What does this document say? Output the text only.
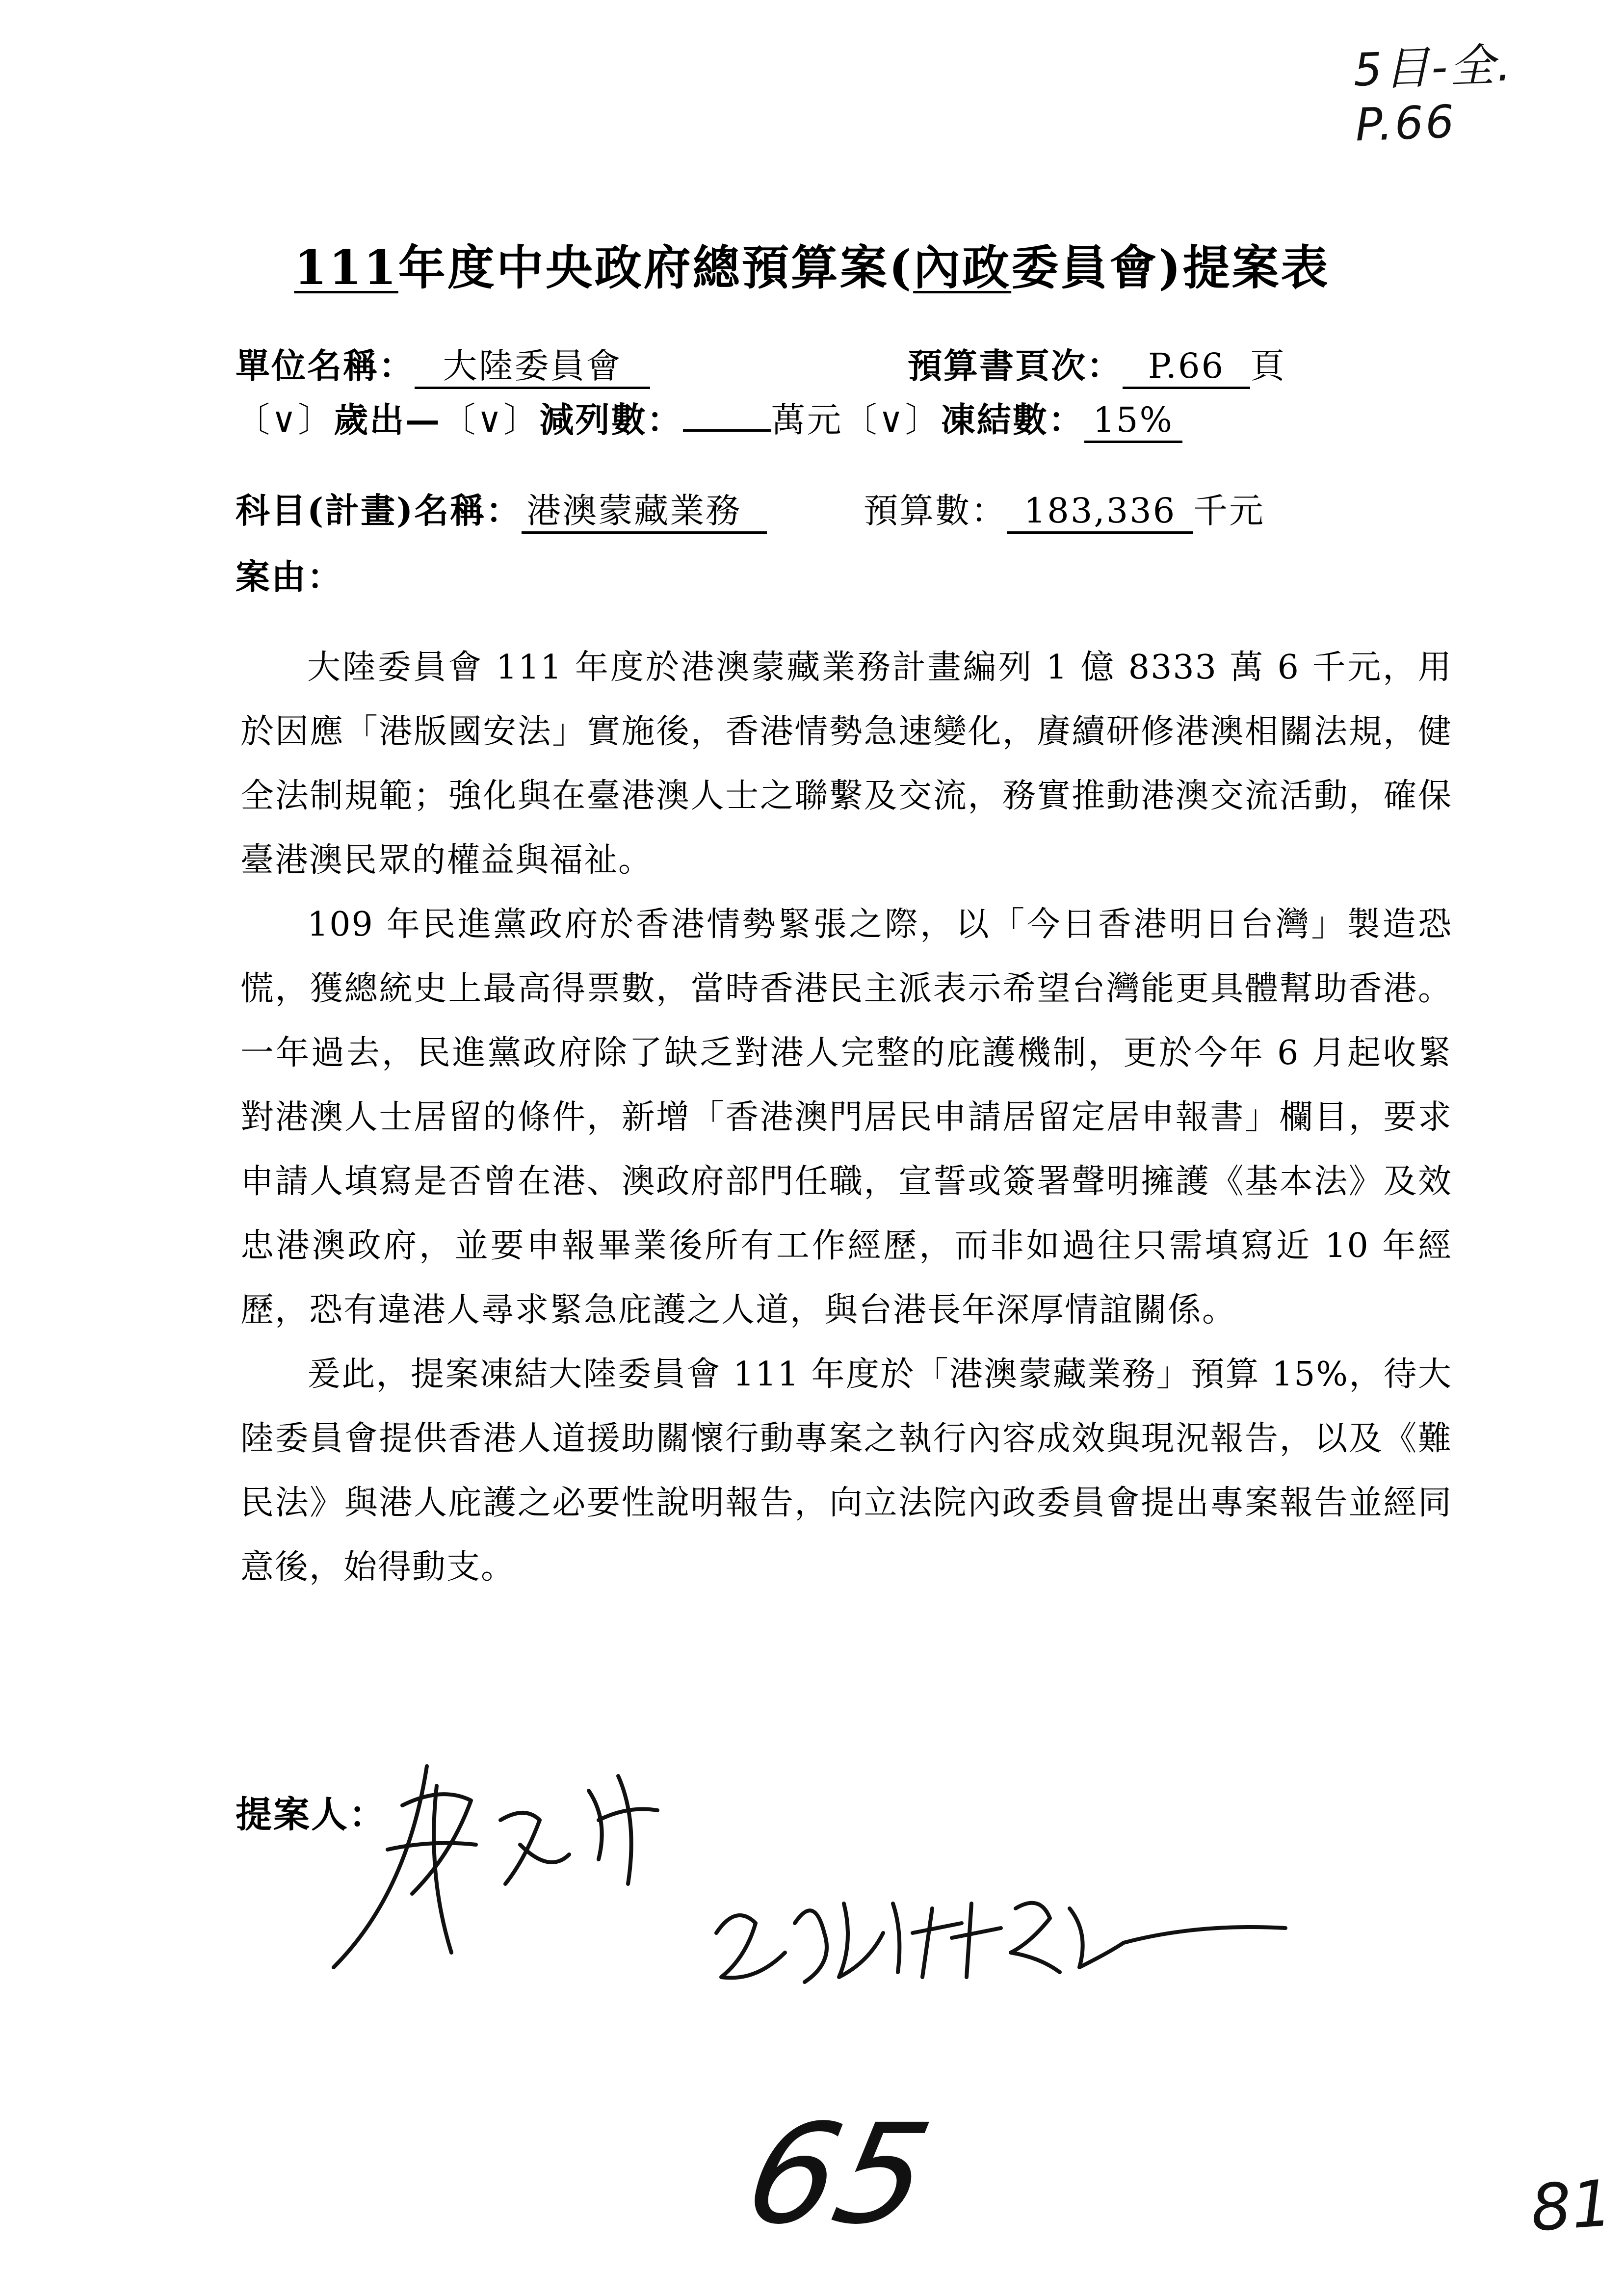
5目-全. P.66
111年度中央政府總預算案(內政委員會)提案表
單位名稱： 大陸委員會	預算書頁次： P.66 頁
〔∨〕歲出—〔∨〕減列數：	萬元〔∨〕凍結數： 15%
科目(計畫)名稱： 港澳蒙藏業務	預算數： 183,336 千元
案由：

大陸委員會 111 年度於港澳蒙藏業務計畫編列 1 億 8333 萬 6 千元，用於因應「港版國安法」實施後，香港情勢急速變化，賡續研修港澳相關法規，健全法制規範；強化與在臺港澳人士之聯繫及交流，務實推動港澳交流活動，確保臺港澳民眾的權益與福祉。

109 年民進黨政府於香港情勢緊張之際，以「今日香港明日台灣」製造恐慌，獲總統史上最高得票數，當時香港民主派表示希望台灣能更具體幫助香港。一年過去，民進黨政府除了缺乏對港人完整的庇護機制，更於今年 6 月起收緊對港澳人士居留的條件，新增「香港澳門居民申請居留定居申報書」欄目，要求申請人填寫是否曾在港、澳政府部門任職，宣誓或簽署聲明擁護《基本法》及效忠港澳政府，並要申報畢業後所有工作經歷，而非如過往只需填寫近 10 年經歷，恐有違港人尋求緊急庇護之人道，與台港長年深厚情誼關係。

爰此，提案凍結大陸委員會 111 年度於「港澳蒙藏業務」預算 15%，待大陸委員會提供香港人道援助關懷行動專案之執行內容成效與現況報告，以及《難民法》與港人庇護之必要性說明報告，向立法院內政委員會提出專案報告並經同意後，始得動支。

提案人：
65	81
